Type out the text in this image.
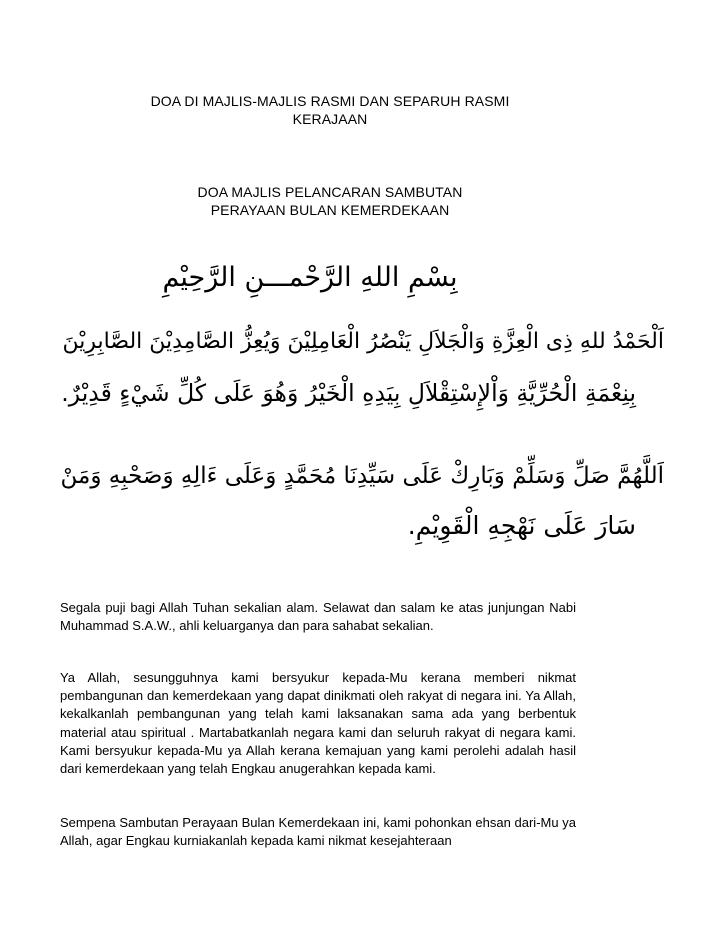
DOA DI MAJLIS-MAJLIS RASMI DAN SEPARUH RASMI
KERAJAAN
DOA MAJLIS PELANCARAN SAMBUTAN
PERAYAAN BULAN KEMERDEKAAN
بِسْمِ اللهِ الرَّحْمـــنِ الرَّحِيْمِ
اَلْحَمْدُ للهِ ذِى الْعِزَّةِ وَالْجَلاَلِ يَنْصُرُ الْعَامِلِيْنَ وَيُعِزُّ الصَّامِدِيْنَ الصَّابِرِيْنَ
بِنِعْمَةِ الْحُرِّيَّةِ وَاْلإِسْتِقْلاَلِ بِيَدِهِ الْخَيْرُ وَهُوَ عَلَى كُلِّ شَيْءٍ قَدِيْرٌ.
اَللَّهُمَّ صَلِّ وَسَلِّمْ وَبَارِكْ عَلَى سَيِّدِنَا مُحَمَّدٍ وَعَلَى ءَالِهِ وَصَحْبِهِ وَمَنْ
سَارَ عَلَى نَهْجِهِ الْقَوِيْمِ.

Segala puji bagi Allah Tuhan sekalian alam. Selawat dan salam ke atas junjungan Nabi Muhammad S.A.W., ahli keluarganya dan para sahabat sekalian.

Ya Allah, sesungguhnya kami bersyukur kepada-Mu kerana memberi nikmat pembangunan dan kemerdekaan yang dapat dinikmati oleh rakyat di negara ini. Ya Allah, kekalkanlah pembangunan yang telah kami laksanakan sama ada yang berbentuk material atau spiritual . Martabatkanlah negara kami dan seluruh rakyat di negara kami. Kami bersyukur kepada-Mu ya Allah kerana kemajuan yang kami perolehi adalah hasil dari kemerdekaan yang telah Engkau anugerahkan kepada kami.

Sempena Sambutan Perayaan Bulan Kemerdekaan ini, kami pohonkan ehsan dari-Mu ya Allah, agar Engkau kurniakanlah kepada kami nikmat kesejahteraan
